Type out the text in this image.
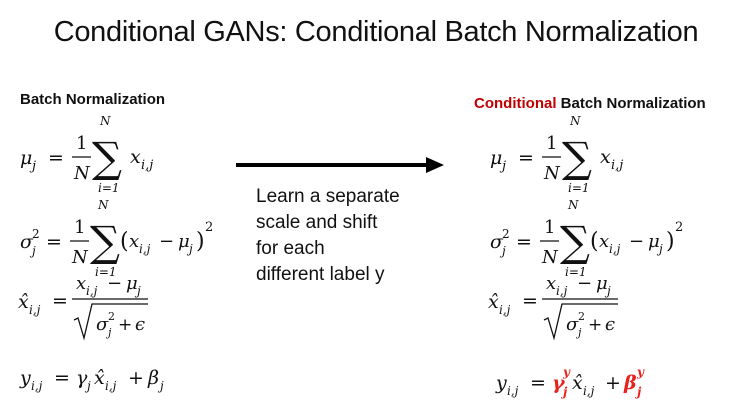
Conditional GANs: Conditional Batch Normalization
Batch Normalization	Conditional Batch Normalization
μ j =
1
N
N
∑
i=1
x i,j
σ 2
j =
1
N
N
∑
i=1
( x i,j − μ j )
2
x̂ i,j =
x i,j − μ j
σ 2
j + ϵ
y i,j = γ j x̂ i,j + β j
Learn a separate
scale and shift
for each
different label y
μ j =
1
N
N
∑
i=1
x i,j
σ 2
j =
1
N
N
∑
i=1
( x i,j − μ j )
2
x̂ i,j =
x i,j − μ j
σ 2
j + ϵ
y i,j = γ
y
j x̂ i,j + β y
j
